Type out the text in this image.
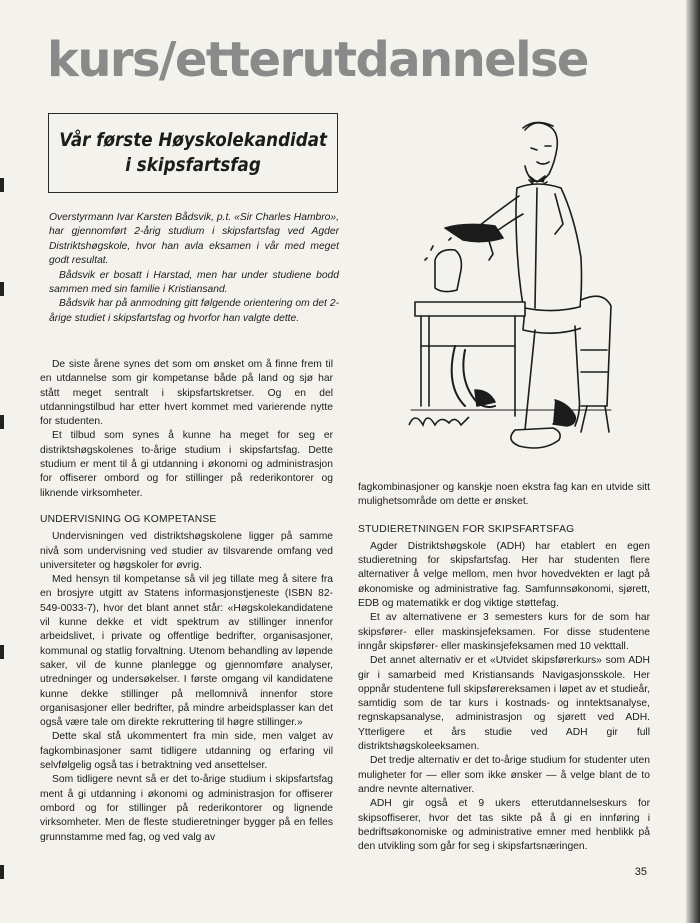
kurs/etterutdannelse
Vår første Høyskolekandidat
i skipsfartsfag

Overstyrmann Ivar Karsten Bådsvik, p.t. «Sir Charles Hambro», har gjennomført 2-årig studium i skipsfartsfag ved Agder Distriktshøgskole, hvor han avla eksamen i vår med meget godt resultat.

Bådsvik er bosatt i Harstad, men har under studiene bodd sammen med sin familie i Kristiansand.

Bådsvik har på anmodning gitt følgende orientering om det 2-årige studiet i skipsfartsfag og hvorfor han valgte dette.

De siste årene synes det som om ønsket om å finne frem til en utdannelse som gir kompetanse både på land og sjø har stått meget sentralt i skipsfartskretser. Og en del utdanningstilbud har etter hvert kommet med varierende nytte for studenten.

Et tilbud som synes å kunne ha meget for seg er distriktshøgskolenes to-årige studium i skipsfartsfag. Dette studium er ment til å gi utdanning i økonomi og administrasjon for offiserer ombord og for stillinger på rederikontorer og liknende virksomheter.

UNDERVISNING OG KOMPETANSE

Undervisningen ved distriktshøgskolene ligger på samme nivå som undervisning ved studier av tilsvarende omfang ved universiteter og høgskoler for øvrig.

Med hensyn til kompetanse så vil jeg tillate meg å sitere fra en brosjyre utgitt av Statens informasjonstjeneste (ISBN 82-549-0033-7), hvor det blant annet står: «Høgskolekandidatene vil kunne dekke et vidt spektrum av stillinger innenfor arbeidslivet, i private og offentlige bedrifter, organisasjoner, kommunal og statlig forvaltning. Utenom behandling av løpende saker, vil de kunne planlegge og gjennomføre analyser, utredninger og undersøkelser. I første omgang vil kandidatene kunne dekke stillinger på mellomnivå innenfor store organisasjoner eller bedrifter, på mindre arbeidsplasser kan det også være tale om direkte rekruttering til høgre stillinger.»

Dette skal stå ukommentert fra min side, men valget av fagkombinasjoner samt tidligere utdanning og erfaring vil selvfølgelig også tas i betraktning ved ansettelser.

Som tidligere nevnt så er det to-årige studium i skipsfartsfag ment å gi utdanning i økonomi og administrasjon for offiserer ombord og for stillinger på rederikontorer og lignende virksomheter. Men de fleste studieretninger bygger på en felles grunnstamme med fag, og ved valg av

fagkombinasjoner og kanskje noen ekstra fag kan en utvide sitt mulighetsområde om dette er ønsket.

STUDIERETNINGEN FOR SKIPSFARTSFAG

Agder Distriktshøgskole (ADH) har etablert en egen studieretning for skipsfartsfag. Her har studenten flere alternativer å velge mellom, men hvor hovedvekten er lagt på økonomiske og administrative fag. Samfunnsøkonomi, sjørett, EDB og matematikk er dog viktige støttefag.

Et av alternativene er 3 semesters kurs for de som har skipsfører- eller maskinsjefeksamen. For disse studentene inngår skipsfører- eller maskinsjefeksamen med 10 vekttall.

Det annet alternativ er et «Utvidet skipsførerkurs» som ADH gir i samarbeid med Kristiansands Navigasjonsskole. Her oppnår studentene full skipsførereksamen i løpet av et studieår, samtidig som de tar kurs i kostnads- og inntektsanalyse, regnskapsanalyse, administrasjon og sjørett ved ADH. Ytterligere et års studie ved ADH gir full distriktshøgskoleeksamen.

Det tredje alternativ er det to-årige studium for studenter uten muligheter for — eller som ikke ønsker — å velge blant de to andre nevnte alternativer.

ADH gir også et 9 ukers etterutdannelseskurs for skipsoffiserer, hvor det tas sikte på å gi en innføring i bedriftsøkonomiske og administrative emner med henblikk på den utvikling som går for seg i skipsfartsnæringen.

35
